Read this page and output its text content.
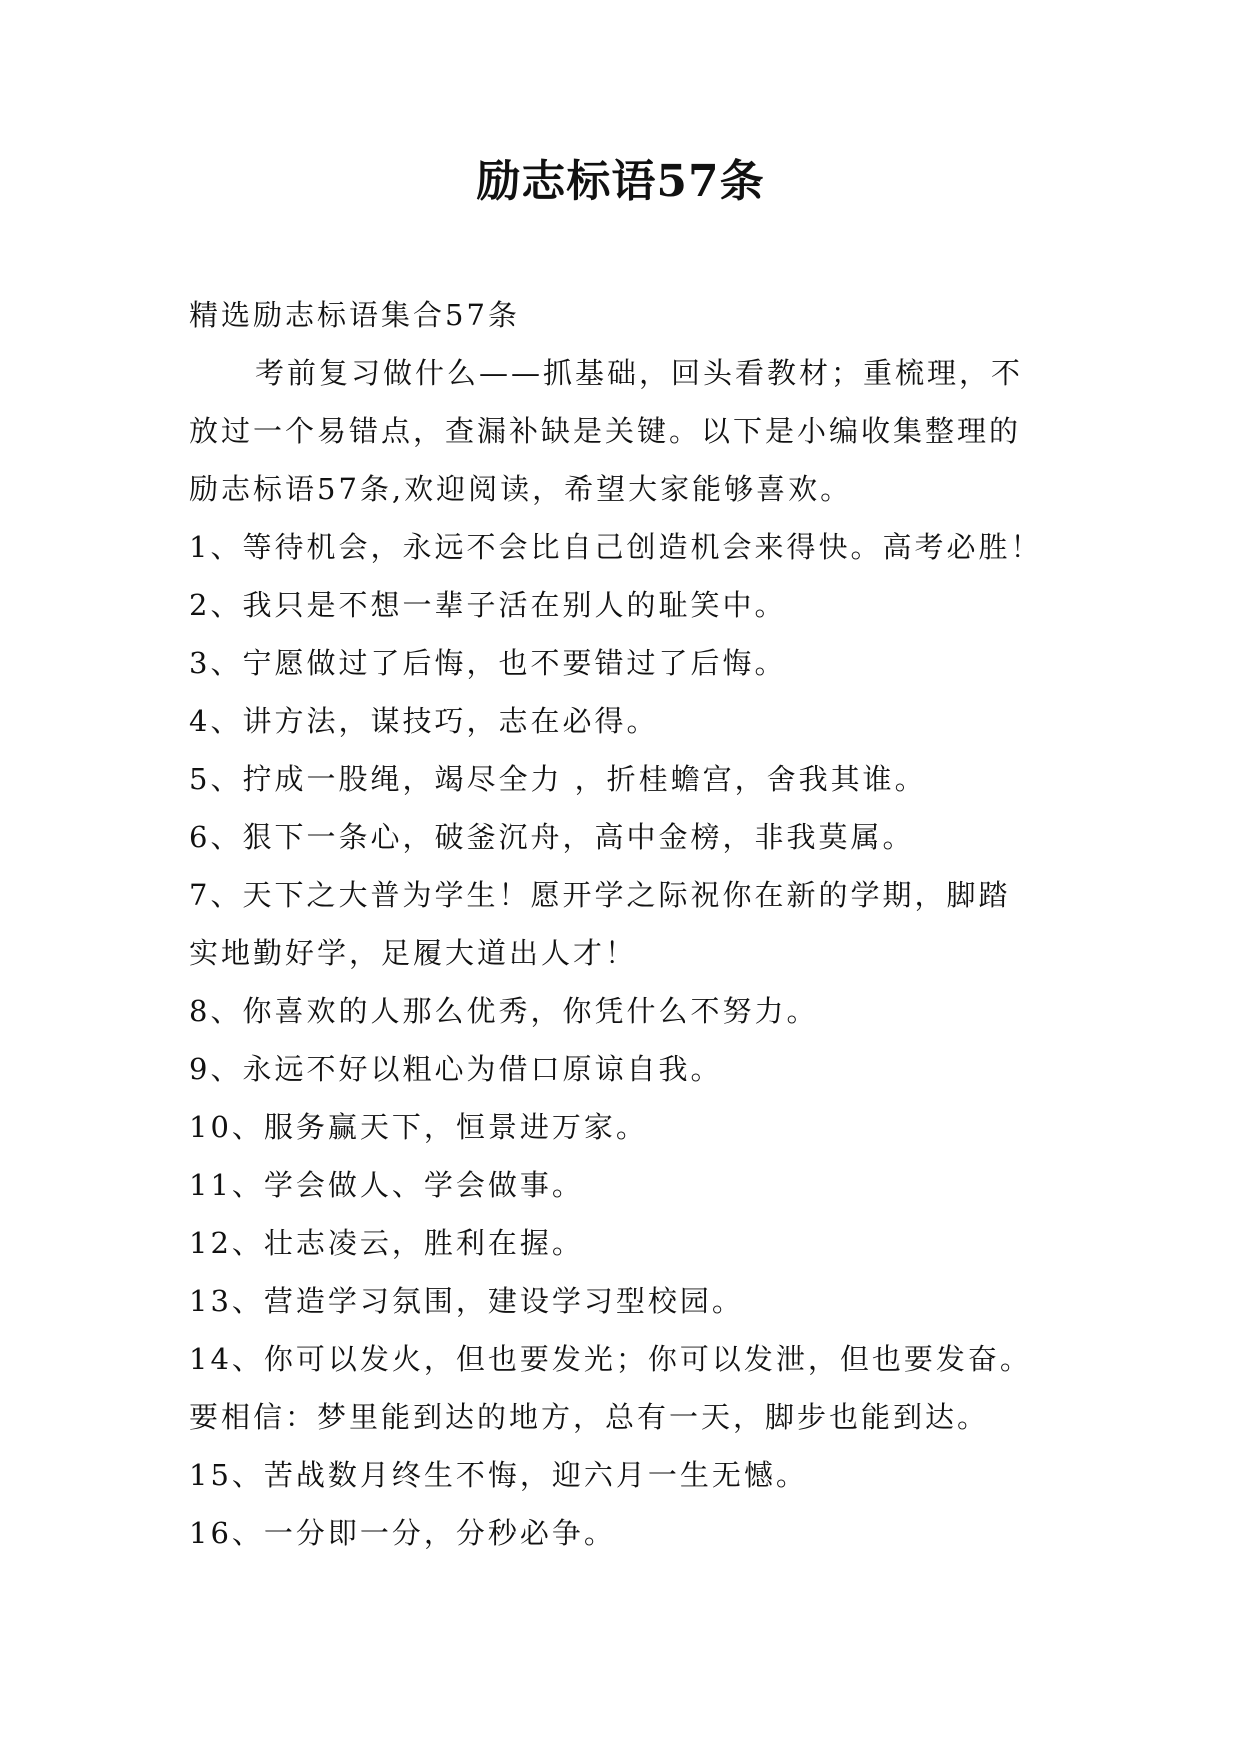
励志标语57条
精选励志标语集合57条
考前复习做什么——抓基础，回头看教材；重梳理，不
放过一个易错点，查漏补缺是关键。以下是小编收集整理的
励志标语57条,欢迎阅读，希望大家能够喜欢。
1、等待机会，永远不会比自己创造机会来得快。高考必胜！
2、我只是不想一辈子活在别人的耻笑中。
3、宁愿做过了后悔，也不要错过了后悔。
4、讲方法，谋技巧，志在必得。
5、拧成一股绳，竭尽全力 ，折桂蟾宫，舍我其谁。
6、狠下一条心，破釜沉舟，高中金榜，非我莫属。
7、天下之大普为学生！愿开学之际祝你在新的学期，脚踏
实地勤好学，足履大道出人才！
8、你喜欢的人那么优秀，你凭什么不努力。
9、永远不好以粗心为借口原谅自我。
10、服务赢天下，恒景进万家。
11、学会做人、学会做事。
12、壮志凌云，胜利在握。
13、营造学习氛围，建设学习型校园。
14、你可以发火，但也要发光；你可以发泄，但也要发奋。
要相信：梦里能到达的地方，总有一天，脚步也能到达。
15、苦战数月终生不悔，迎六月一生无憾。
16、一分即一分，分秒必争。
